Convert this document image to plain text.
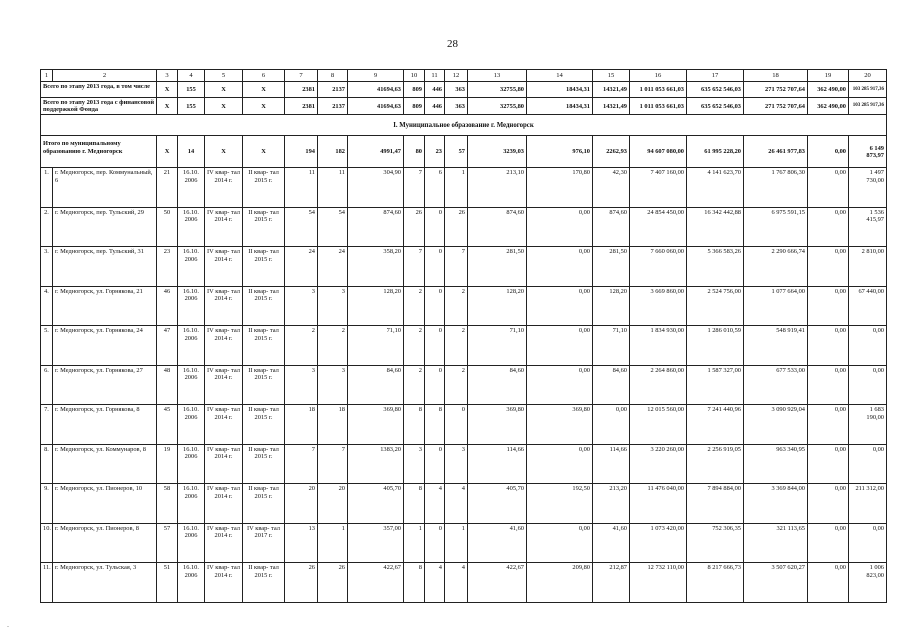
28
1	2	3	4	5	6	7	8	9	10	11	12	13	14	15	16	17	18	19	20
Всего по этапу 2013 года, в том числе		X	155	X	X	2381	2137	41694,63	809	446	363	32755,80	18434,31	14321,49	1 011 053 661,03	635 652 546,03	271 752 707,64	362 490,00	103 285 917,36
Всего по этапу 2013 года с финансовой поддержкой Фонда		X	155	X	X	2381	2137	41694,63	809	446	363	32755,80	18434,31	14321,49	1 011 053 661,03	635 652 546,03	271 752 707,64	362 490,00	103 285 917,36
I. Муниципальное образование г. Медногорск																			
Итого по муниципальному образованию г. Медногорск		X	14	X	X	194	182	4991,47	80	23	57	3239,03	976,10	2262,93	94 607 080,00	61 995 228,20	26 461 977,83	0,00	6 149 873,97
1.	г. Медногорск, пер. Коммунальный, 6	21	16.10. 2006	IV квар- тал 2014 г.	II квар- тал 2015 г.	11	11	304,90	7	6	1	213,10	170,80	42,30	7 407 160,00	4 141 623,70	1 767 806,30	0,00	1 497 730,00
2.	г. Медногорск, пер. Тульский, 29	50	16.10. 2006	IV квар- тал 2014 г.	II квар- тал 2015 г.	54	54	874,60	26	0	26	874,60	0,00	874,60	24 854 450,00	16 342 442,88	6 975 591,15	0,00	1 536 415,97
3.	г. Медногорск, пер. Тульский, 31	23	16.10. 2006	IV квар- тал 2014 г.	II квар- тал 2015 г.	24	24	358,20	7	0	7	281,50	0,00	281,50	7 660 060,00	5 366 583,26	2 290 666,74	0,00	2 810,00
4.	г. Медногорск, ул. Горнякова, 21	46	16.10. 2006	IV квар- тал 2014 г.	II квар- тал 2015 г.	3	3	128,20	2	0	2	128,20	0,00	128,20	3 669 860,00	2 524 756,00	1 077 664,00	0,00	67 440,00
5.	г. Медногорск, ул. Горнякова, 24	47	16.10. 2006	IV квар- тал 2014 г.	II квар- тал 2015 г.	2	2	71,10	2	0	2	71,10	0,00	71,10	1 834 930,00	1 286 010,59	548 919,41	0,00	0,00
6.	г. Медногорск, ул. Горнякова, 27	48	16.10. 2006	IV квар- тал 2014 г.	II квар- тал 2015 г.	3	3	84,60	2	0	2	84,60	0,00	84,60	2 264 860,00	1 587 327,00	677 533,00	0,00	0,00
7.	г. Медногорск, ул. Горнякова, 8	45	16.10. 2006	IV квар- тал 2014 г.	II квар- тал 2015 г.	18	18	369,80	8	8	0	369,80	369,80	0,00	12 015 560,00	7 241 440,96	3 090 929,04	0,00	1 683 190,00
8.	г. Медногорск, ул. Коммунаров, 8	19	16.10. 2006	IV квар- тал 2014 г.	II квар- тал 2015 г.	7	7	1383,20	3	0	3	114,66	0,00	114,66	3 220 260,00	2 256 919,05	963 340,95	0,00	0,00
9.	г. Медногорск, ул. Пионеров, 10	58	16.10. 2006	IV квар- тал 2014 г.	II квар- тал 2015 г.	20	20	405,70	8	4	4	405,70	192,50	213,20	11 476 040,00	7 894 884,00	3 369 844,00	0,00	211 312,00
10.	г. Медногорск, ул. Пионеров, 8	57	16.10. 2006	IV квар- тал 2014 г.	IV квар- тал 2017 г.	13	1	357,00	1	0	1	41,60	0,00	41,60	1 073 420,00	752 306,35	321 113,65	0,00	0,00
11.	г. Медногорск, ул. Тульская, 3	51	16.10. 2006	IV квар- тал 2014 г.	II квар- тал 2015 г.	26	26	422,67	8	4	4	422,67	209,80	212,87	12 732 110,00	8 217 666,73	3 507 620,27	0,00	1 006 823,00
-
